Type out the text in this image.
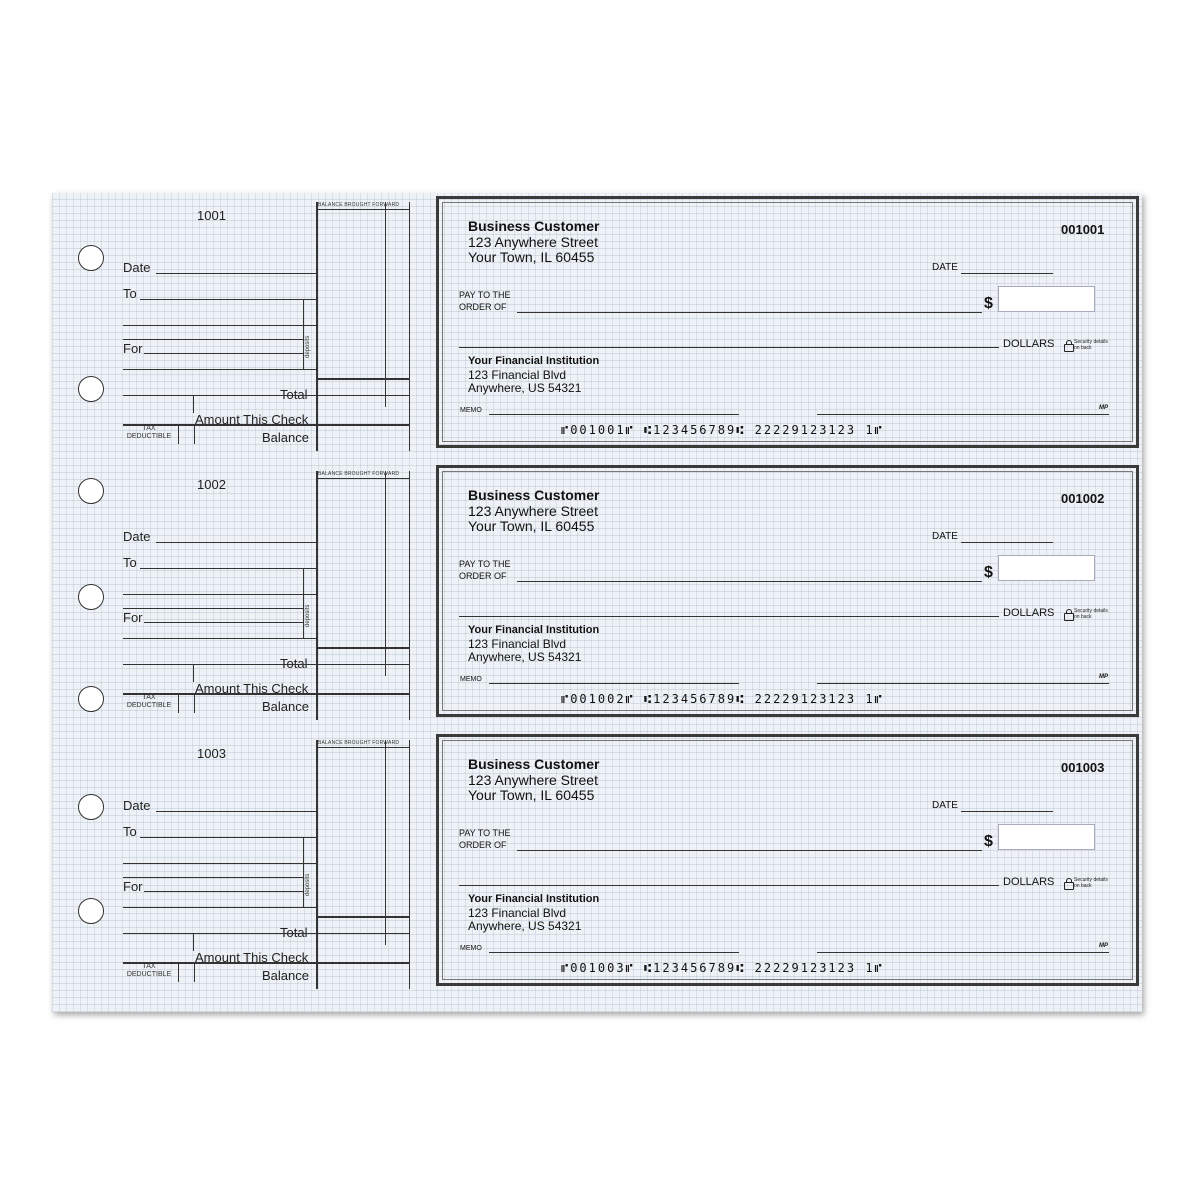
1001
BALANCE BROUGHT FORWARD
Date
To
deposits
For
Total
Amount This Check
TAX
DEDUCTIBLE	Balance
Business Customer
123 Anywhere Street
Your Town, IL 60455
001001
DATE
PAY TO THE
ORDER OF	$
DOLLARS	Security details
on back
Your Financial Institution
123 Financial Blvd
Anywhere, US 54321
MEMO	MP
⑈001001⑈ ⑆123456789⑆ 22229123123 1⑈
1002
BALANCE BROUGHT FORWARD
Date
To
deposits
For
Total
Amount This Check
TAX
DEDUCTIBLE	Balance
Business Customer
123 Anywhere Street
Your Town, IL 60455
001002
DATE
PAY TO THE
ORDER OF	$
DOLLARS	Security details
on back
Your Financial Institution
123 Financial Blvd
Anywhere, US 54321
MEMO	MP
⑈001002⑈ ⑆123456789⑆ 22229123123 1⑈
1003
BALANCE BROUGHT FORWARD
Date
To
deposits
For
Total
Amount This Check
TAX
DEDUCTIBLE	Balance
Business Customer
123 Anywhere Street
Your Town, IL 60455
001003
DATE
PAY TO THE
ORDER OF	$
DOLLARS	Security details
on back
Your Financial Institution
123 Financial Blvd
Anywhere, US 54321
MEMO	MP
⑈001003⑈ ⑆123456789⑆ 22229123123 1⑈
